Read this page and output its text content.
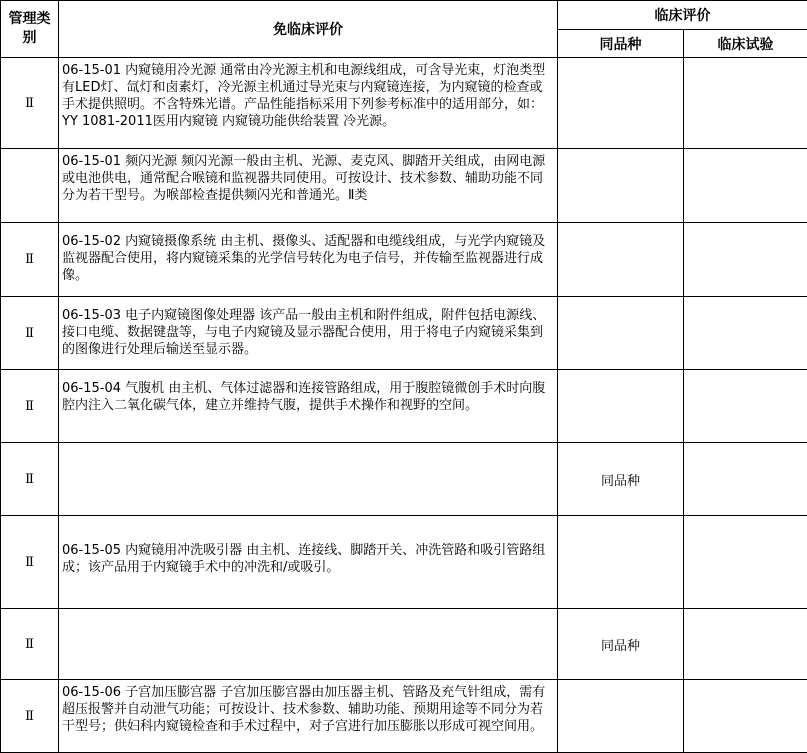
管理类别	免临床评价	临床评价	
		同品种	临床试验
Ⅱ	06-15-01 内窥镜用冷光源 通常由冷光源主机和电源线组成，可含导光束，灯泡类型有LED灯、氙灯和卤素灯，冷光源主机通过导光束与内窥镜连接，为内窥镜的检查或手术提供照明。不含特殊光谱。产品性能指标采用下列参考标准中的适用部分，如：YY 1081-2011医用内窥镜 内窥镜功能供给装置 冷光源。		

	06-15-01 频闪光源 频闪光源一般由主机、光源、麦克风、脚踏开关组成，由网电源或电池供电，通常配合喉镜和监视器共同使用。可按设计、技术参数、辅助功能不同分为若干型号。为喉部检查提供频闪光和普通光。Ⅱ类		

Ⅱ	06-15-02 内窥镜摄像系统 由主机、摄像头、适配器和电缆线组成，与光学内窥镜及监视器配合使用，将内窥镜采集的光学信号转化为电子信号，并传输至监视器进行成像。		

Ⅱ	06-15-03 电子内窥镜图像处理器 该产品一般由主机和附件组成，附件包括电源线、接口电缆、数据键盘等，与电子内窥镜及显示器配合使用，用于将电子内窥镜采集到的图像进行处理后输送至显示器。		

Ⅱ	06-15-04 气腹机 由主机、气体过滤器和连接管路组成，用于腹腔镜微创手术时向腹腔内注入二氧化碳气体，建立并维持气腹，提供手术操作和视野的空间。		

Ⅱ		同品种	
Ⅱ	06-15-05 内窥镜用冲洗吸引器 由主机、连接线、脚踏开关、冲洗管路和吸引管路组成；该产品用于内窥镜手术中的冲洗和/或吸引。		

Ⅱ		同品种	
Ⅱ	06-15-06 子宫加压膨宫器 子宫加压膨宫器由加压器主机、管路及充气针组成，需有超压报警并自动泄气功能；可按设计、技术参数、辅助功能、预期用途等不同分为若干型号；供妇科内窥镜检查和手术过程中，对子宫进行加压膨胀以形成可视空间用。		
